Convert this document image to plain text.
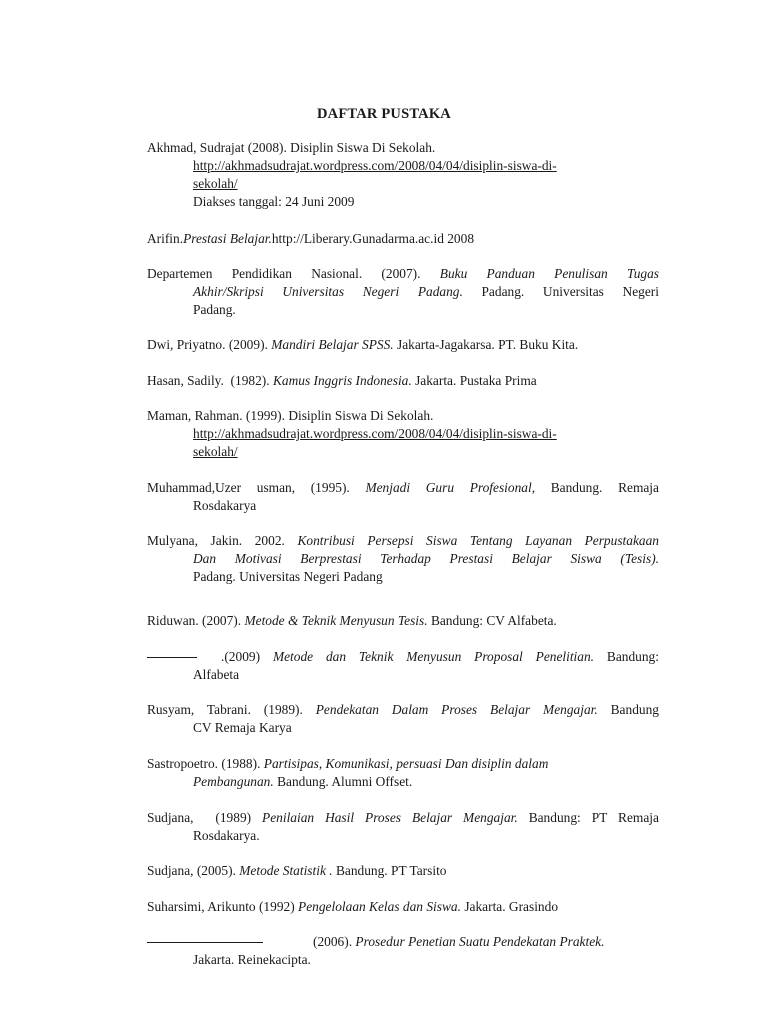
DAFTAR PUSTAKA
Akhmad, Sudrajat (2008). Disiplin Siswa Di Sekolah.
http://akhmadsudrajat.wordpress.com/2008/04/04/disiplin-siswa-di-
sekolah/
Diakses tanggal: 24 Juni 2009
Arifin.Prestasi Belajar.http://Liberary.Gunadarma.ac.id 2008
Departemen Pendidikan Nasional. (2007). Buku Panduan Penulisan Tugas
Akhir/Skripsi Universitas Negeri Padang. Padang. Universitas Negeri
Padang.
Dwi, Priyatno. (2009). Mandiri Belajar SPSS. Jakarta-Jagakarsa. PT. Buku Kita.
Hasan, Sadily.  (1982). Kamus Inggris Indonesia. Jakarta. Pustaka Prima
Maman, Rahman. (1999). Disiplin Siswa Di Sekolah.
http://akhmadsudrajat.wordpress.com/2008/04/04/disiplin-siswa-di-
sekolah/
Muhammad,Uzer usman, (1995). Menjadi Guru Profesional, Bandung. Remaja
Rosdakarya
Mulyana, Jakin. 2002. Kontribusi Persepsi Siswa Tentang Layanan Perpustakaan
Dan Motivasi Berprestasi Terhadap Prestasi Belajar Siswa (Tesis).
Padang. Universitas Negeri Padang
Riduwan. (2007). Metode & Teknik Menyusun Tesis. Bandung: CV Alfabeta.
.(2009) Metode dan Teknik Menyusun Proposal Penelitian. Bandung:
Alfabeta
Rusyam, Tabrani. (1989). Pendekatan Dalam Proses Belajar Mengajar. Bandung
CV Remaja Karya
Sastropoetro. (1988). Partisipas, Komunikasi, persuasi Dan disiplin dalam
Pembangunan. Bandung. Alumni Offset.
Sudjana,  (1989) Penilaian Hasil Proses Belajar Mengajar. Bandung: PT Remaja
Rosdakarya.
Sudjana, (2005). Metode Statistik . Bandung. PT Tarsito
Suharsimi, Arikunto (1992) Pengelolaan Kelas dan Siswa. Jakarta. Grasindo
(2006). Prosedur Penetian Suatu Pendekatan Praktek.
Jakarta. Reinekacipta.
